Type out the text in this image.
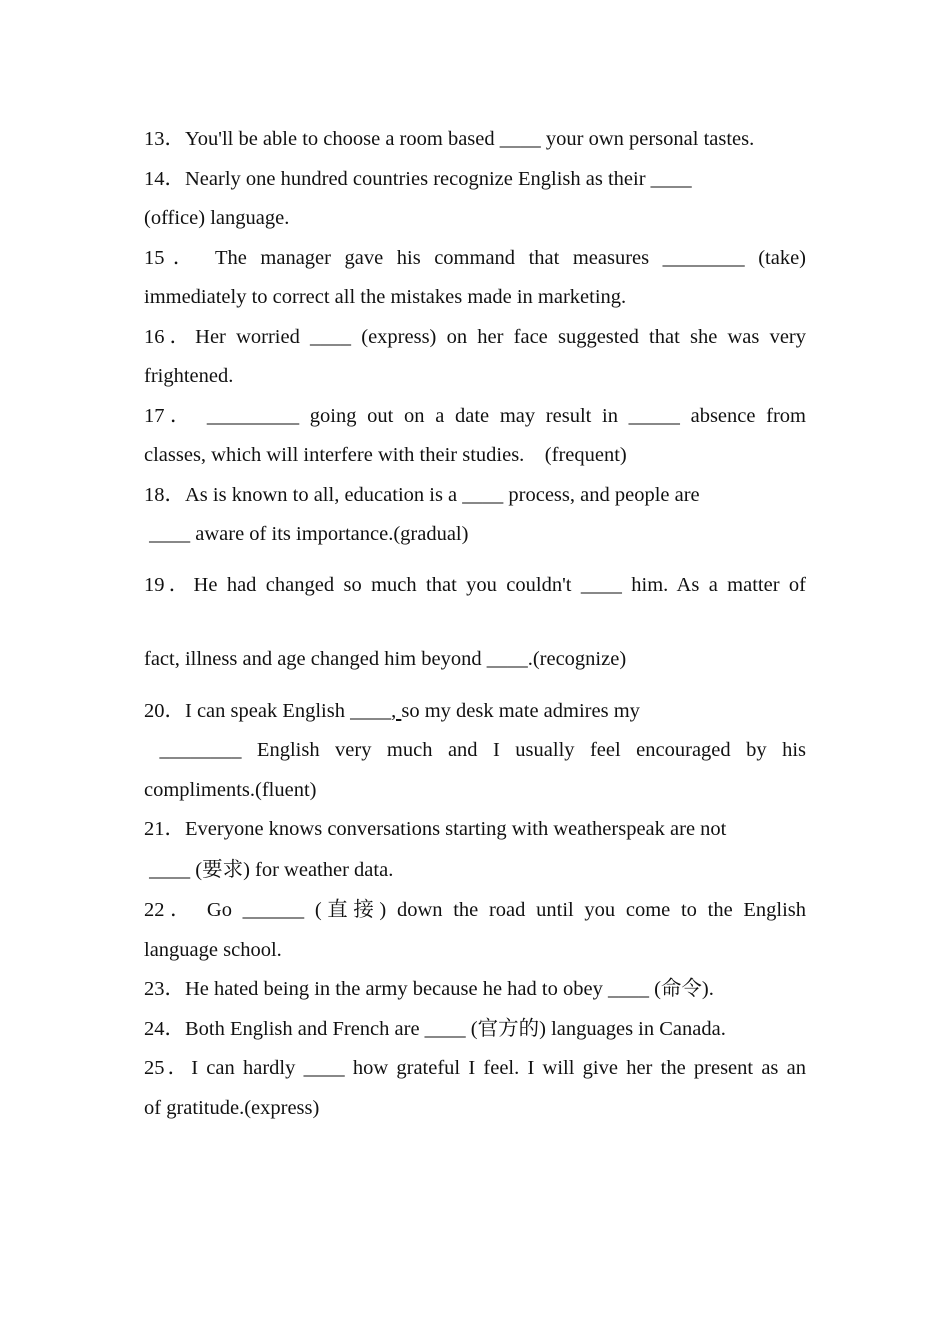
13．You'll be able to choose a room based ____ your own personal tastes.

14．Nearly one hundred countries recognize English as their ____
(office) language.

15． The manager gave his command that measures ________ (take)
immediately to correct all the mistakes made in marketing.

16．Her worried ____ (express) on her face suggested that she was very
frightened.

17． _________ going out on a date may result in _____ absence from
classes, which will interfere with their studies.    (frequent)

18．As is known to all, education is a ____ process, and people are
____ aware of its importance.(gradual)

19．He had changed so much that you couldn't ____ him. As a matter of
fact, illness and age changed him beyond ____.(recognize)

20．I can speak English ____, so my desk mate admires my
________ English very much and I usually feel encouraged by his
compliments.(fluent)

21．Everyone knows conversations starting with weatherspeak are not
____ (要求) for weather data.

22． Go ______ (直接) down the road until you come to the English
language school.

23．He hated being in the army because he had to obey ____ (命令).

24．Both English and French are ____ (官方的) languages in Canada.

25．I can hardly ____ how grateful I feel. I will give her the present as an
of gratitude.(express)
